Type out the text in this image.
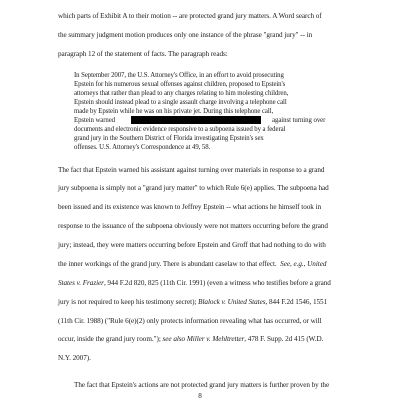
which parts of Exhibit A to their motion -- are protected grand jury matters. A Word search of
the summary judgment motion produces only one instance of the phrase "grand jury" -- in
paragraph 12 of the statement of facts. The paragraph reads:
In September 2007, the U.S. Attorney's Office, in an effort to avoid prosecuting
Epstein for his numerous sexual offenses against children, proposed to Epstein's
attorneys that rather than plead to any charges relating to him molesting children,
Epstein should instead plead to a single assault charge involving a telephone call
made by Epstein while he was on his private jet. During this telephone call,
Epstein warned	against turning over
documents and electronic evidence responsive to a subpoena issued by a federal
grand jury in the Southern District of Florida investigating Epstein's sex
offenses. U.S. Attorney's Correspondence at 49, 58.
The fact that Epstein warned his assistant against turning over materials in response to a grand
jury subpoena is simply not a "grand jury matter" to which Rule 6(e) applies. The subpoena had
been issued and its existence was known to Jeffrey Epstein -- what actions he himself took in
response to the issuance of the subpoena obviously were not matters occurring before the grand
jury; instead, they were matters occurring before Epstein and Groff that had nothing to do with
the inner workings of the grand jury. There is abundant caselaw to that effect. See, e.g., United
States v. Frazier, 944 F.2d 820, 825 (11th Cir. 1991) (even a witness who testifies before a grand
jury is not required to keep his testimony secret); Blalock v. United States, 844 F.2d 1546, 1551
(11th Cir. 1988) ("Rule 6(e)(2) only protects information revealing what has occurred, or will
occur, inside the grand jury room."); see also Miller v. Mehltretter, 478 F. Supp. 2d 415 (W.D.
N.Y. 2007).
The fact that Epstein's actions are not protected grand jury matters is further proven by the
8
